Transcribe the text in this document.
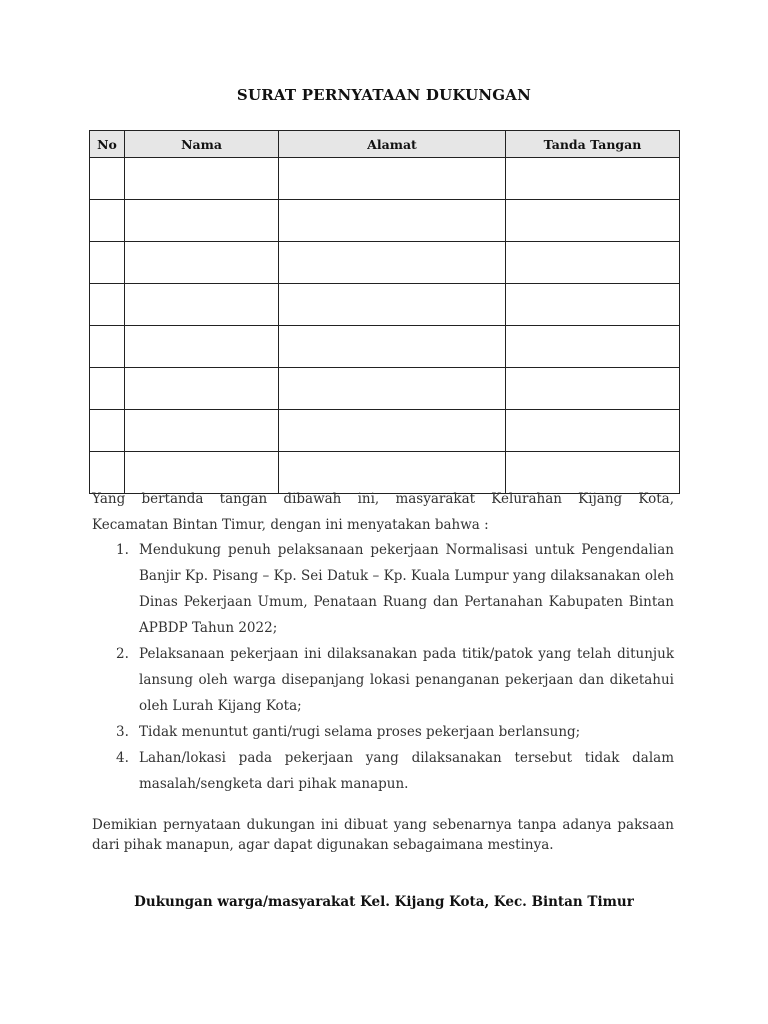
SURAT PERNYATAAN DUKUNGAN
No	Nama	Alamat	Tanda Tangan

Yang bertanda tangan dibawah ini, masyarakat Kelurahan Kijang Kota,
Kecamatan Bintan Timur, dengan ini menyatakan bahwa :
1. Mendukung penuh pelaksanaan pekerjaan Normalisasi untuk Pengendalian Banjir Kp. Pisang – Kp. Sei Datuk – Kp. Kuala Lumpur yang dilaksanakan oleh Dinas Pekerjaan Umum, Penataan Ruang dan Pertanahan Kabupaten Bintan APBDP Tahun 2022;
2. Pelaksanaan pekerjaan ini dilaksanakan pada titik/patok yang telah ditunjuk lansung oleh warga disepanjang lokasi penanganan pekerjaan dan diketahui oleh Lurah Kijang Kota;
3. Tidak menuntut ganti/rugi selama proses pekerjaan berlansung;
4. Lahan/lokasi pada pekerjaan yang dilaksanakan tersebut tidak dalam masalah/sengketa dari pihak manapun.
Demikian pernyataan dukungan ini dibuat yang sebenarnya tanpa adanya paksaan dari pihak manapun, agar dapat digunakan sebagaimana mestinya.
Dukungan warga/masyarakat Kel. Kijang Kota, Kec. Bintan Timur
